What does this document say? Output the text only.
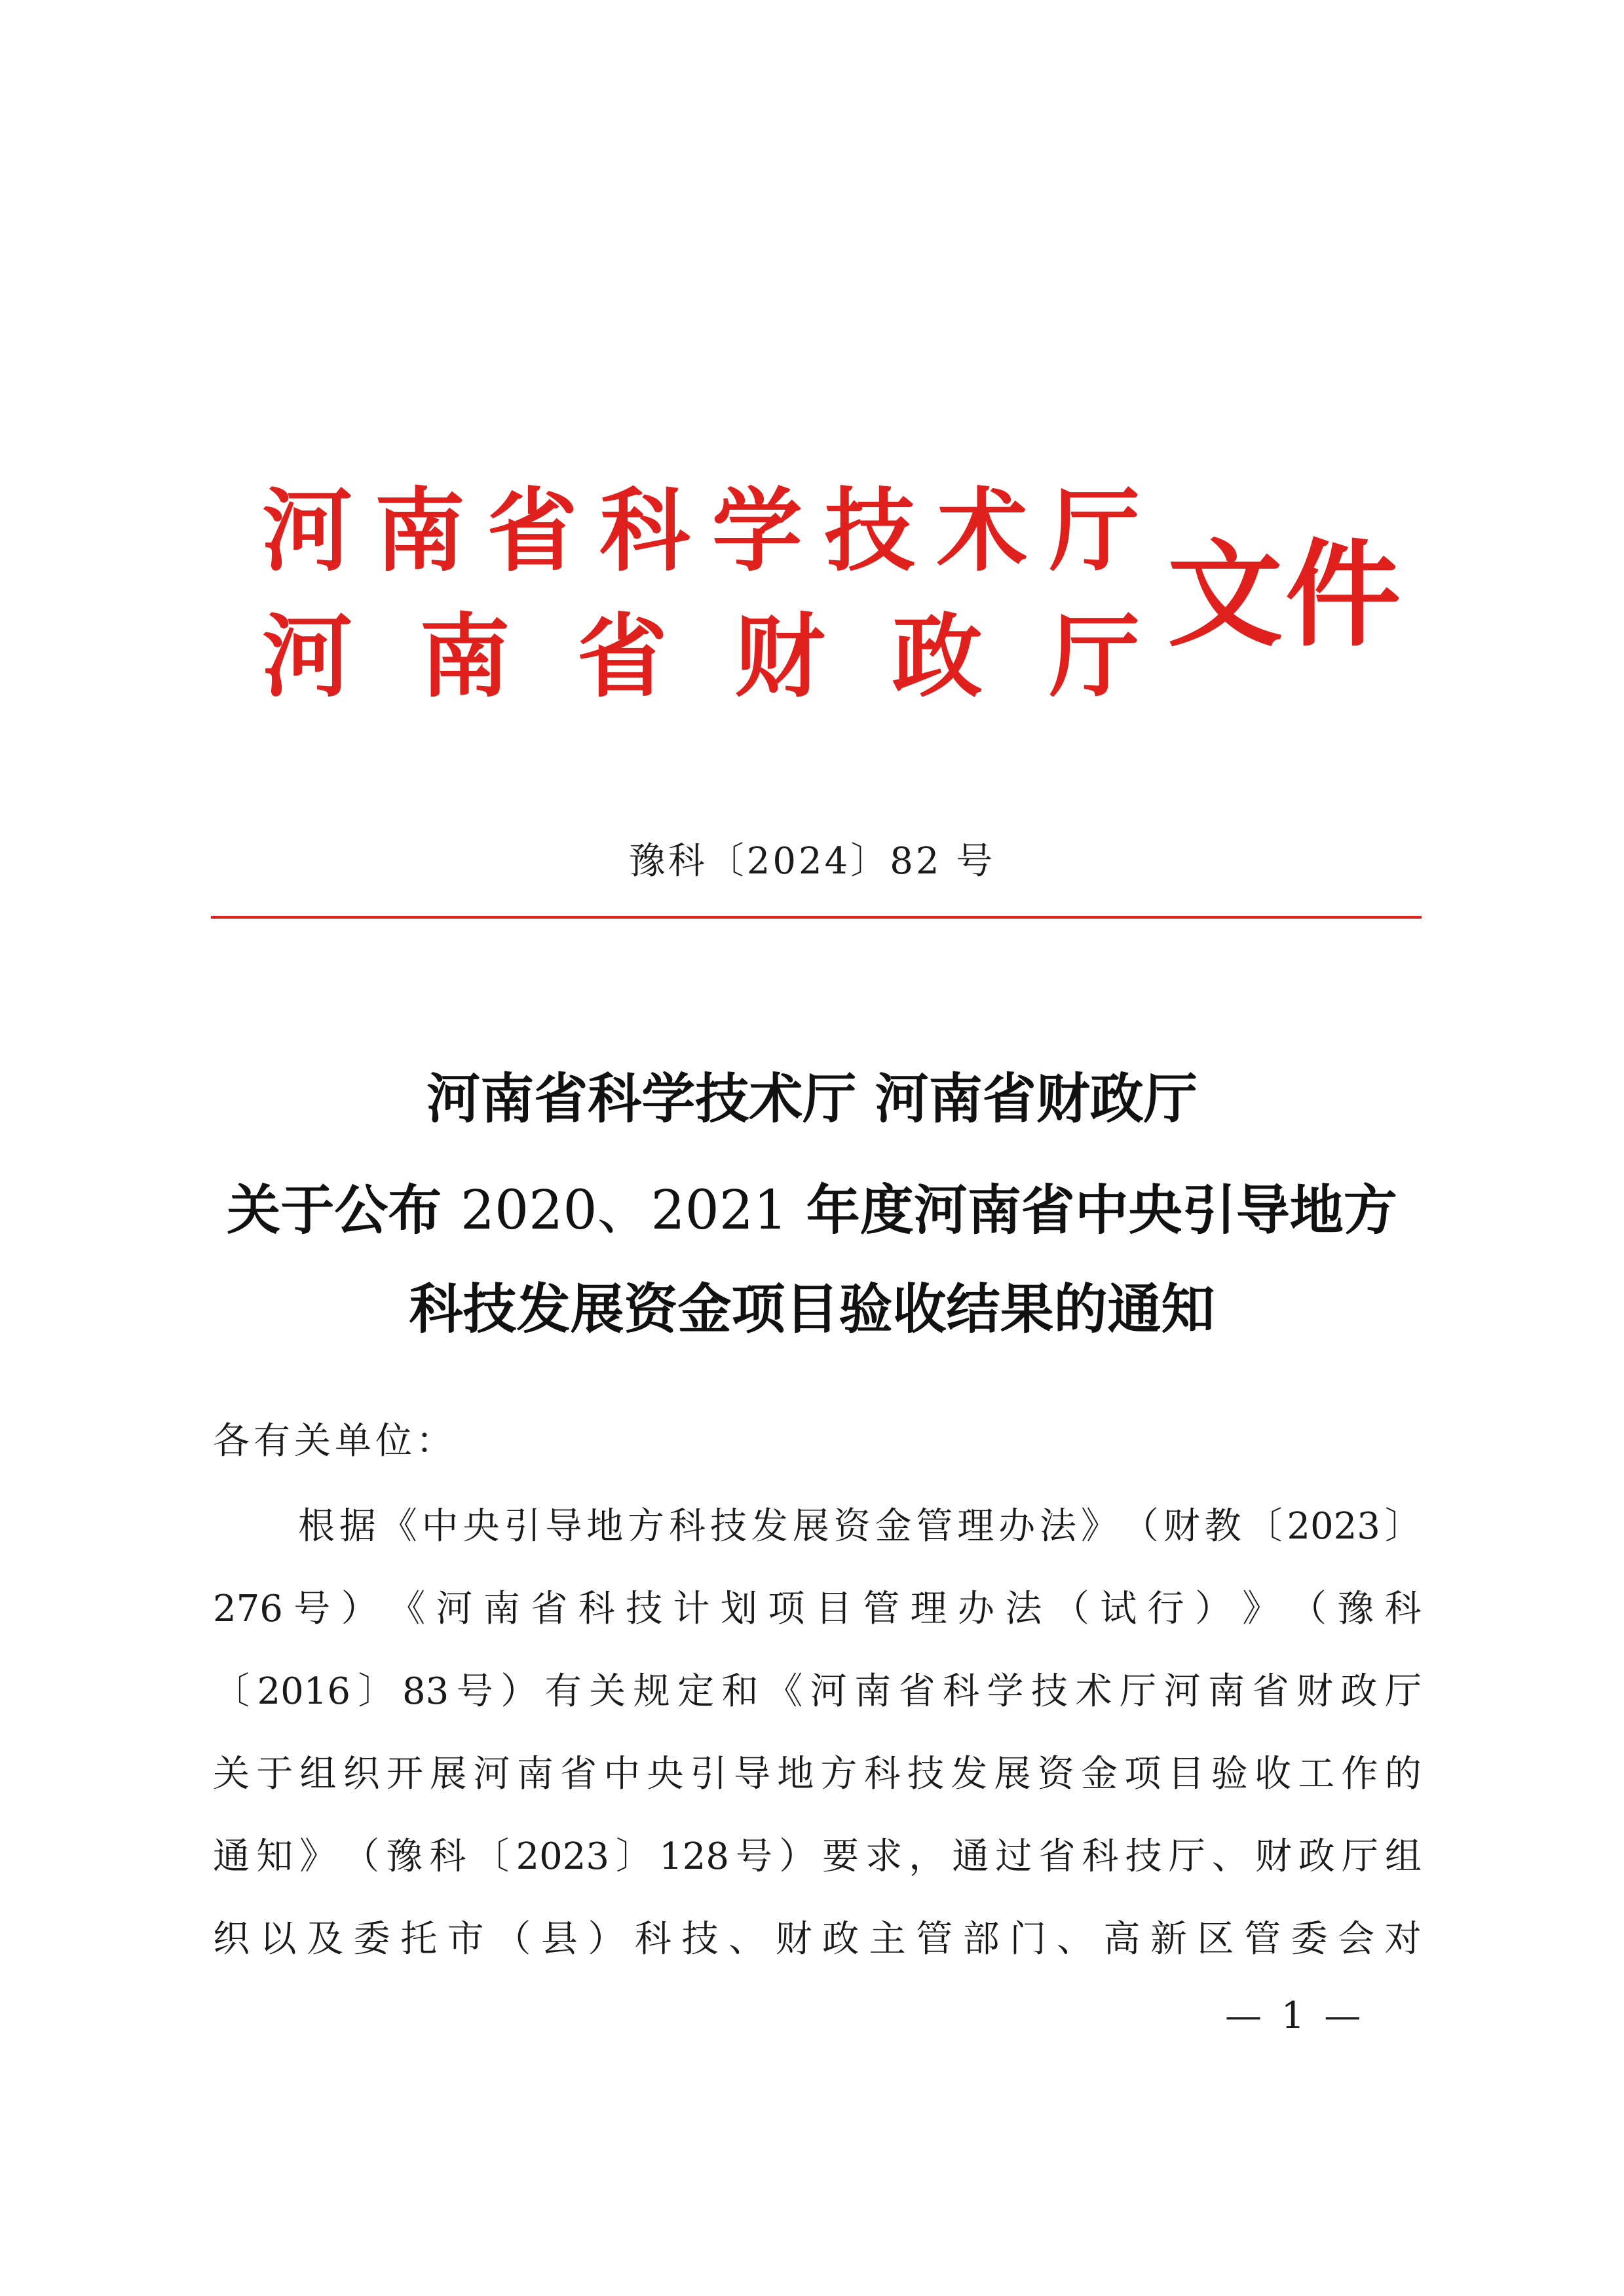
河 南 省 科 学 技 术 厅
河 南 省 财 政 厅 文件
豫科〔2024〕82 号
河南省科学技术厅 河南省财政厅
关于公布 2020、2021 年度河南省中央引导地方
科技发展资金项目验收结果的通知
各有关单位：
根 据 《 中 央 引 导 地 方 科 技 发 展 资 金 管 理 办 法 》 （ 财 教 〔 2023 〕
276 号 ） 《 河 南 省 科 技 计 划 项 目 管 理 办 法 （ 试 行 ） 》 （ 豫 科
〔 2016 〕 83 号 ） 有 关 规 定 和 《 河 南 省 科 学 技 术 厅 河 南 省 财 政 厅
关 于 组 织 开 展 河 南 省 中 央 引 导 地 方 科 技 发 展 资 金 项 目 验 收 工 作 的
通 知 》 （ 豫 科 〔 2023 〕 128 号 ） 要 求 ， 通 过 省 科 技 厅 、 财 政 厅 组
织 以 及 委 托 市 （ 县 ） 科 技 、 财 政 主 管 部 门 、 高 新 区 管 委 会 对
— 1 —
